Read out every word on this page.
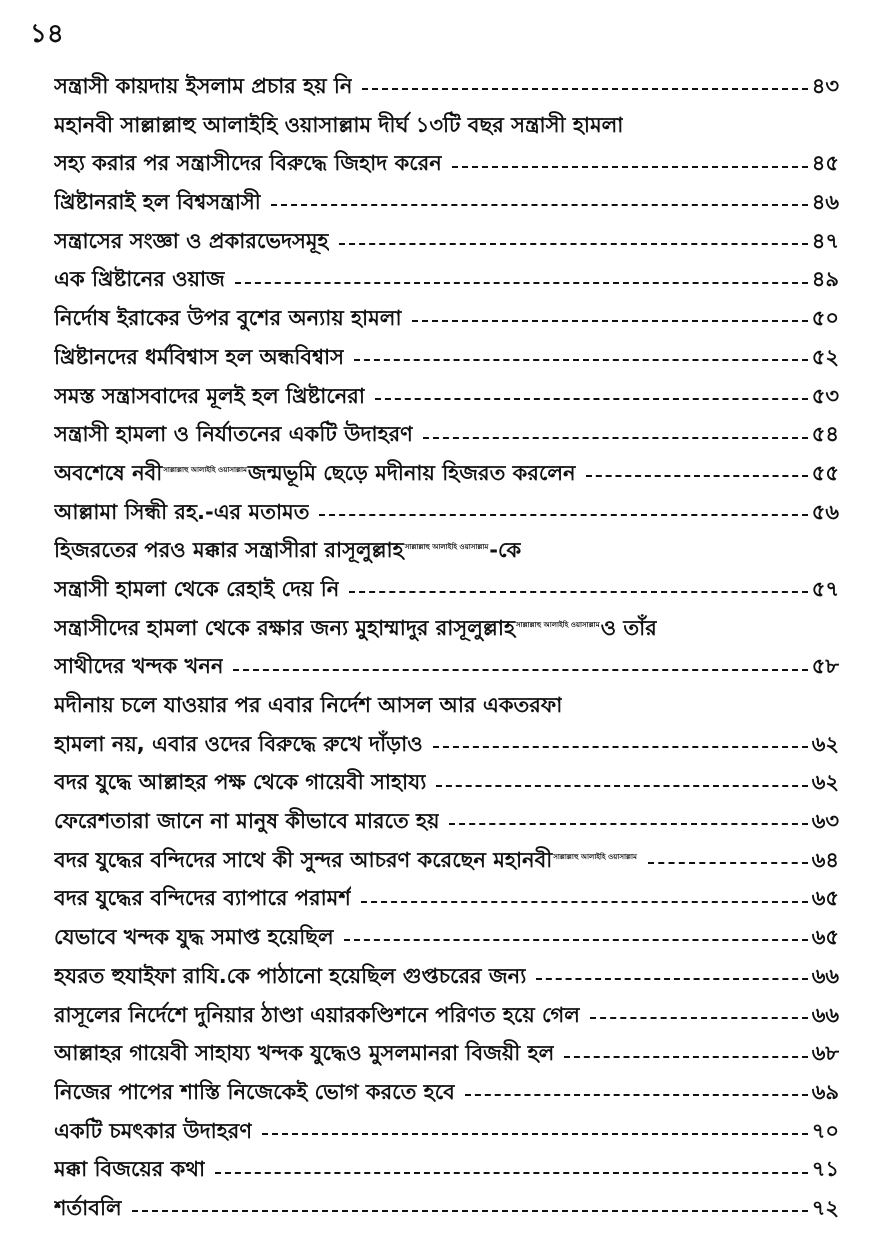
১৪
সন্ত্রাসী কায়দায় ইসলাম প্রচার হয় নি	৪৩
মহানবী সাল্লাল্লাহু আলাইহি ওয়াসাল্লাম দীর্ঘ ১৩টি বছর সন্ত্রাসী হামলা
সহ্য করার পর সন্ত্রাসীদের বিরুদ্ধে জিহাদ করেন	৪৫
খ্রিষ্টানরাই হল বিশ্বসন্ত্রাসী	৪৬
সন্ত্রাসের সংজ্ঞা ও প্রকারভেদসমূহ	৪৭
এক খ্রিষ্টানের ওয়াজ	৪৯
নির্দোষ ইরাকের উপর বুশের অন্যায় হামলা	৫০
খ্রিষ্টানদের ধর্মবিশ্বাস হল অন্ধবিশ্বাস	৫২
সমস্ত সন্ত্রাসবাদের মূলই হল খ্রিষ্টানেরা	৫৩
সন্ত্রাসী হামলা ও নির্যাতনের একটি উদাহরণ	৫৪
অবশেষে নবীসাল্লাল্লাহু আলাইহি ওয়াসাল্লামজন্মভূমি ছেড়ে মদীনায় হিজরত করলেন	৫৫
আল্লামা সিন্ধী রহ.-এর মতামত	৫৬
হিজরতের পরও মক্কার সন্ত্রাসীরা রাসূলুল্লাহসাল্লাল্লাহু আলাইহি ওয়াসাল্লাম-কে
সন্ত্রাসী হামলা থেকে রেহাই দেয় নি	৫৭
সন্ত্রাসীদের হামলা থেকে রক্ষার জন্য মুহাম্মাদুর রাসূলুল্লাহসাল্লাল্লাহু আলাইহি ওয়াসাল্লামও তাঁর
সাথীদের খন্দক খনন	৫৮
মদীনায় চলে যাওয়ার পর এবার নির্দেশ আসল আর একতরফা
হামলা নয়, এবার ওদের বিরুদ্ধে রুখে দাঁড়াও	৬২
বদর যুদ্ধে আল্লাহর পক্ষ থেকে গায়েবী সাহায্য	৬২
ফেরেশতারা জানে না মানুষ কীভাবে মারতে হয়	৬৩
বদর যুদ্ধের বন্দিদের সাথে কী সুন্দর আচরণ করেছেন মহানবীসাল্লাল্লাহু আলাইহি ওয়াসাল্লাম	৬৪
বদর যুদ্ধের বন্দিদের ব্যাপারে পরামর্শ	৬৫
যেভাবে খন্দক যুদ্ধ সমাপ্ত হয়েছিল	৬৫
হযরত হুযাইফা রাযি.কে পাঠানো হয়েছিল গুপ্তচরের জন্য	৬৬
রাসূলের নির্দেশে দুনিয়ার ঠাণ্ডা এয়ারকণ্ডিশনে পরিণত হয়ে গেল	৬৬
আল্লাহর গায়েবী সাহায্য খন্দক যুদ্ধেও মুসলমানরা বিজয়ী হল	৬৮
নিজের পাপের শাস্তি নিজেকেই ভোগ করতে হবে	৬৯
একটি চমৎকার উদাহরণ	৭০
মক্কা বিজয়ের কথা	৭১
শর্তাবলি	৭২
